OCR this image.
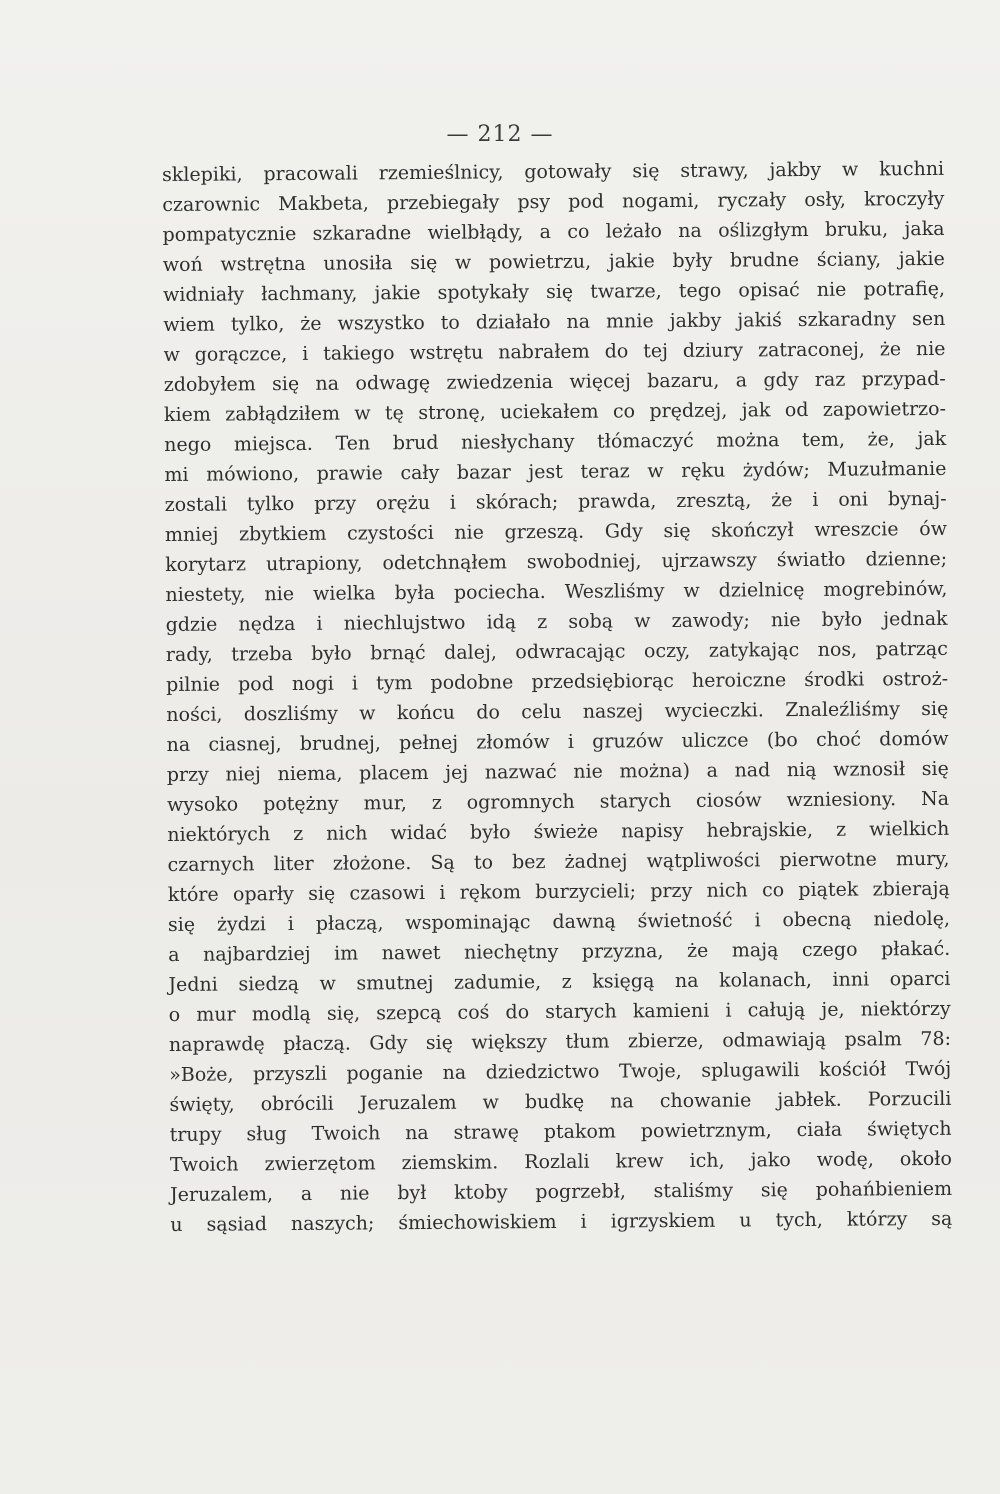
— 212 —
sklepiki, pracowali rzemieślnicy, gotowały się strawy, jakby w kuchni
czarownic Makbeta, przebiegały psy pod nogami, ryczały osły, kroczyły
pompatycznie szkaradne wielbłądy, a co leżało na oślizgłym bruku, jaka
woń wstrętna unosiła się w powietrzu, jakie były brudne ściany, jakie
widniały łachmany, jakie spotykały się twarze, tego opisać nie potrafię,
wiem tylko, że wszystko to działało na mnie jakby jakiś szkaradny sen
w gorączce, i takiego wstrętu nabrałem do tej dziury zatraconej, że nie
zdobyłem się na odwagę zwiedzenia więcej bazaru, a gdy raz przypad-
kiem zabłądziłem w tę stronę, uciekałem co prędzej, jak od zapowietrzo-
nego miejsca. Ten brud niesłychany tłómaczyć można tem, że, jak
mi mówiono, prawie cały bazar jest teraz w ręku żydów; Muzułmanie
zostali tylko przy orężu i skórach; prawda, zresztą, że i oni bynaj-
mniej zbytkiem czystości nie grzeszą. Gdy się skończył wreszcie ów
korytarz utrapiony, odetchnąłem swobodniej, ujrzawszy światło dzienne;
niestety, nie wielka była pociecha. Weszliśmy w dzielnicę mogrebinów,
gdzie nędza i niechlujstwo idą z sobą w zawody; nie było jednak
rady, trzeba było brnąć dalej, odwracając oczy, zatykając nos, patrząc
pilnie pod nogi i tym podobne przedsiębiorąc heroiczne środki ostroż-
ności, doszliśmy w końcu do celu naszej wycieczki. Znaleźliśmy się
na ciasnej, brudnej, pełnej złomów i gruzów uliczce (bo choć domów
przy niej niema, placem jej nazwać nie można) a nad nią wznosił się
wysoko potężny mur, z ogromnych starych ciosów wzniesiony. Na
niektórych z nich widać było świeże napisy hebrajskie, z wielkich
czarnych liter złożone. Są to bez żadnej wątpliwości pierwotne mury,
które oparły się czasowi i rękom burzycieli; przy nich co piątek zbierają
się żydzi i płaczą, wspominając dawną świetność i obecną niedolę,
a najbardziej im nawet niechętny przyzna, że mają czego płakać.
Jedni siedzą w smutnej zadumie, z księgą na kolanach, inni oparci
o mur modlą się, szepcą coś do starych kamieni i całują je, niektórzy
naprawdę płaczą. Gdy się większy tłum zbierze, odmawiają psalm 78:
»Boże, przyszli poganie na dziedzictwo Twoje, splugawili kościół Twój
święty, obrócili Jeruzalem w budkę na chowanie jabłek. Porzucili
trupy sług Twoich na strawę ptakom powietrznym, ciała świętych
Twoich zwierzętom ziemskim. Rozlali krew ich, jako wodę, około
Jeruzalem, a nie był ktoby pogrzebł, staliśmy się pohańbieniem
u sąsiad naszych; śmiechowiskiem i igrzyskiem u tych, którzy są
